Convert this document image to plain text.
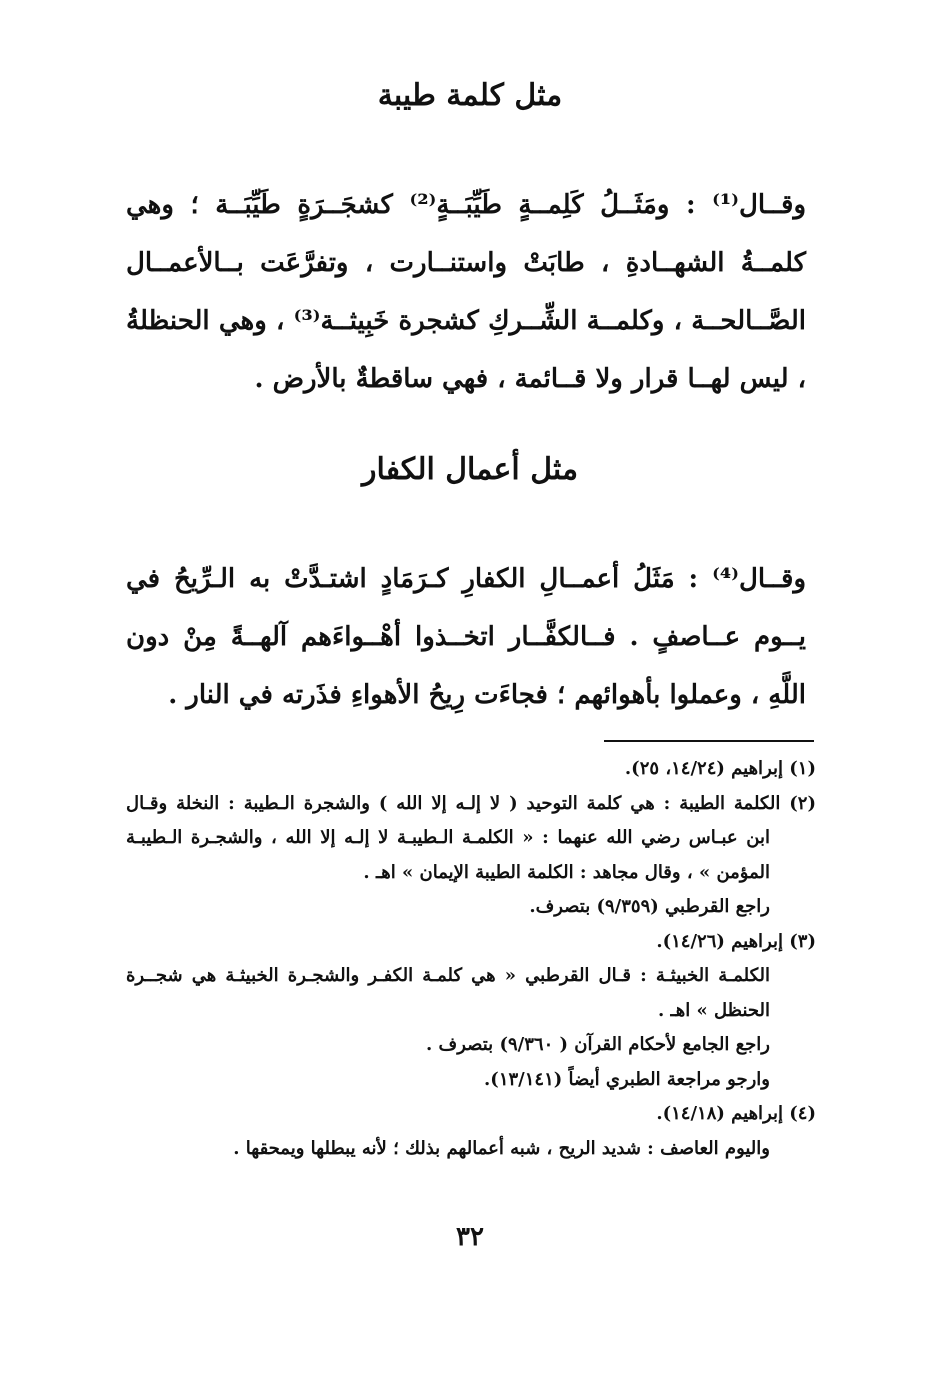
مثل كلمة طيبة
وقــال⁽¹⁾ : ومَثَــلُ كَلِمــةٍ طَيِّبَــةٍ⁽²⁾ كشجَــرَةٍ طَيِّبَــة ؛ وهي كلمــةُ الشهــادةِ ، طابَتْ واستنــارت ، وتفرَّعَت بــالأعمــال الصَّــالحــة ، وكلمــة الشِّــركِ كشجرة خَبِيثــة⁽³⁾ ، وهي الحنظلةُ ، ليس لهــا قرار ولا قــائمة ، فهي ساقطةٌ بالأرض .
مثل أعمال الكفار
وقــال⁽⁴⁾ : مَثَلُ أعمــالِ الكفارِ كـرَمَادٍ اشتـدَّتْ به الـرِّيحُ في يــوم عــاصفٍ . فــالكفَّــار اتخــذوا أهْــواءَهم آلهــةً مِنْ دون اللَّهِ ، وعملوا بأهوائهم ؛ فجاءَت رِيحُ الأهواءِ فذَرته في النار .
(١) إبراهيم (١٤/٢٤، ٢٥).
(٢) الكلمة الطيبة : هي كلمة التوحيد ( لا إلـه إلا الله ) والشجرة الـطيبة : النخلة وقـال
ابن عبـاس رضي الله عنهما : « الكلمـة الـطيبـة لا إلـه إلا الله ، والشجـرة الـطيبـة
المؤمن » ، وقال مجاهد : الكلمة الطيبة الإيمان » اهـ .
راجع القرطبي (٩/٣٥٩) بتصرف.
(٣) إبراهيم (١٤/٢٦).
الكلمـة الخبيثـة : قـال القرطبي « هي كلمـة الكفـر والشجـرة الخبيثـة هي شجــرة
الحنظل » اهـ .
راجع الجامع لأحكام القرآن ( ٩/٣٦٠) بتصرف .
وارجو مراجعة الطبري أيضاً (١٣/١٤١).
(٤) إبراهيم (١٤/١٨).
واليوم العاصف : شديد الريح ، شبه أعمالهم بذلك ؛ لأنه يبطلها ويمحقها .
٣٢
